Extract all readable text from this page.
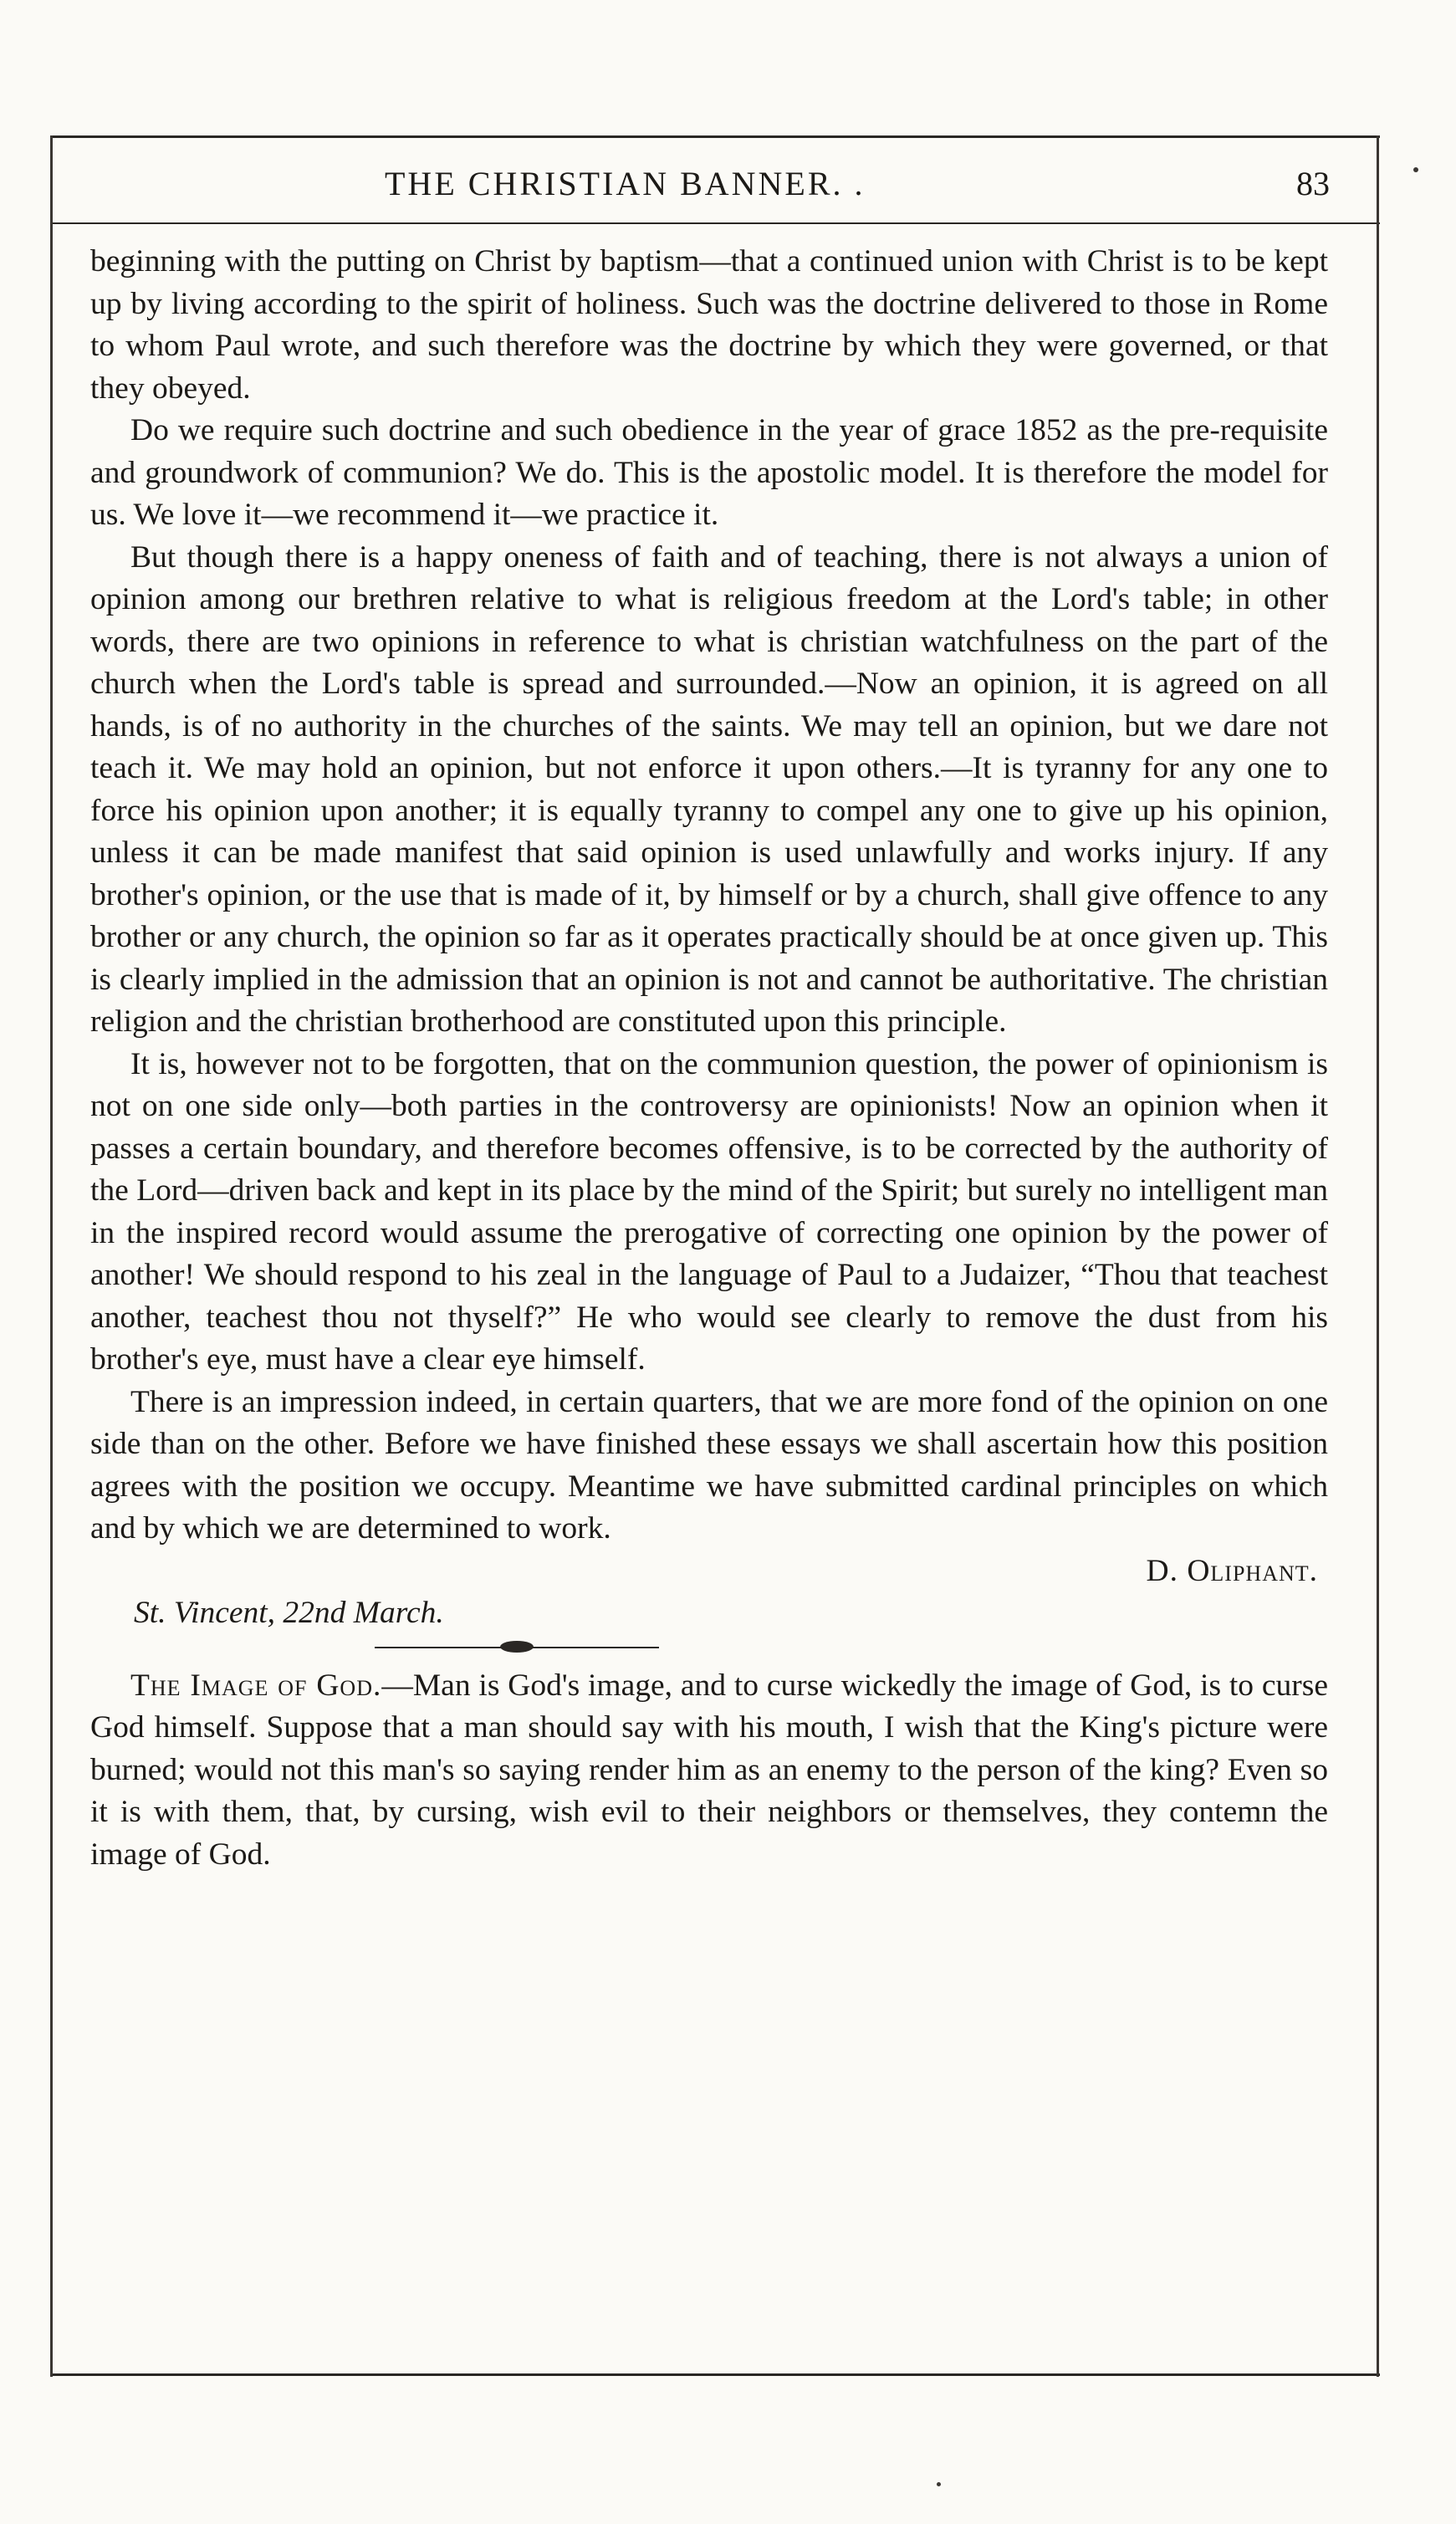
THE CHRISTIAN BANNER. .	83

beginning with the putting on Christ by baptism—that a continued union with Christ is to be kept up by living according to the spirit of holiness. Such was the doctrine delivered to those in Rome to whom Paul wrote, and such therefore was the doctrine by which they were governed, or that they obeyed.

Do we require such doctrine and such obedience in the year of grace 1852 as the pre-requisite and groundwork of communion? We do. This is the apostolic model. It is therefore the model for us. We love it—we recommend it—we practice it.

But though there is a happy oneness of faith and of teaching, there is not always a union of opinion among our brethren relative to what is religious freedom at the Lord's table; in other words, there are two opinions in reference to what is christian watchfulness on the part of the church when the Lord's table is spread and surrounded.—Now an opinion, it is agreed on all hands, is of no authority in the churches of the saints. We may tell an opinion, but we dare not teach it. We may hold an opinion, but not enforce it upon others.—It is tyranny for any one to force his opinion upon another; it is equally tyranny to compel any one to give up his opinion, unless it can be made manifest that said opinion is used unlawfully and works injury. If any brother's opinion, or the use that is made of it, by himself or by a church, shall give offence to any brother or any church, the opinion so far as it operates practically should be at once given up. This is clearly implied in the admission that an opinion is not and cannot be authoritative. The christian religion and the christian brotherhood are constituted upon this principle.

It is, however not to be forgotten, that on the communion question, the power of opinionism is not on one side only—both parties in the controversy are opinionists! Now an opinion when it passes a certain boundary, and therefore becomes offensive, is to be corrected by the authority of the Lord—driven back and kept in its place by the mind of the Spirit; but surely no intelligent man in the inspired record would assume the prerogative of correcting one opinion by the power of another! We should respond to his zeal in the language of Paul to a Judaizer, “Thou that teachest another, teachest thou not thyself?” He who would see clearly to remove the dust from his brother's eye, must have a clear eye himself.

There is an impression indeed, in certain quarters, that we are more fond of the opinion on one side than on the other. Before we have finished these essays we shall ascertain how this position agrees with the position we occupy. Meantime we have submitted cardinal principles on which and by which we are determined to work.

D. Oliphant.

St. Vincent, 22nd March.

The Image of God.—Man is God's image, and to curse wickedly the image of God, is to curse God himself. Suppose that a man should say with his mouth, I wish that the King's picture were burned; would not this man's so saying render him as an enemy to the person of the king? Even so it is with them, that, by cursing, wish evil to their neighbors or themselves, they contemn the image of God.
